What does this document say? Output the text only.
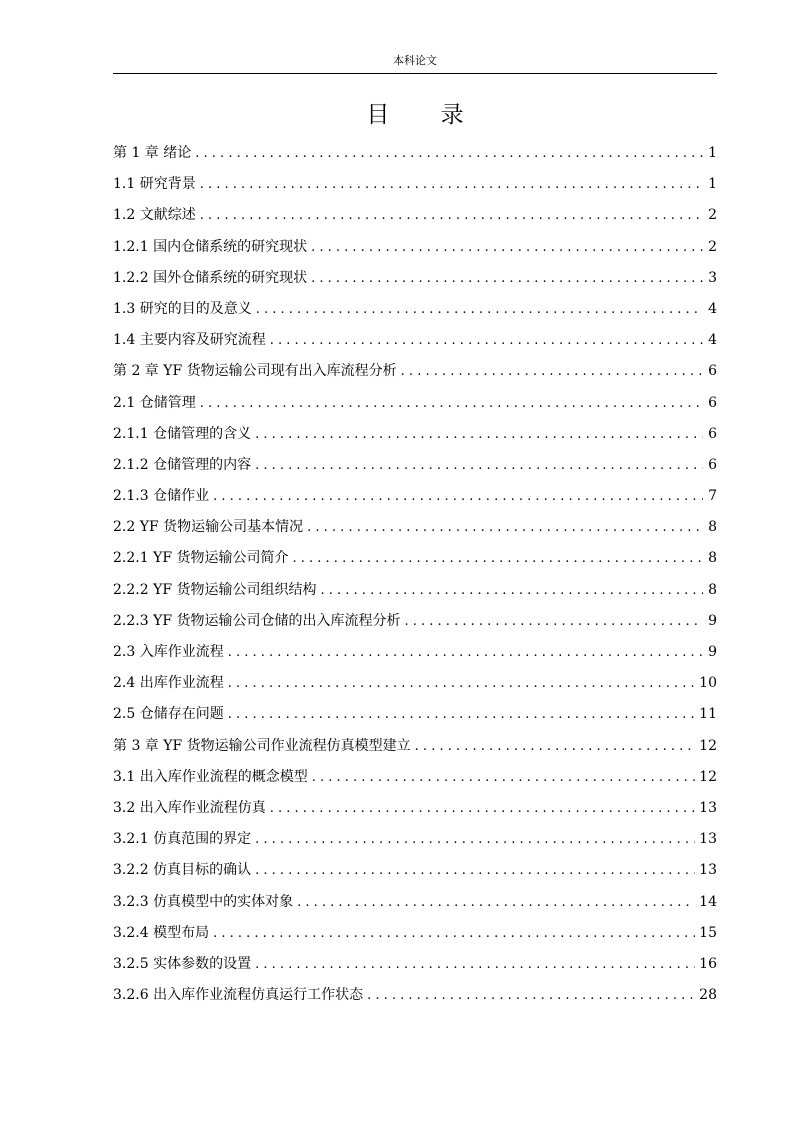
本科论文
目 录
第 1 章 绪论 . . .	1
1.1 研究背景 . . .	1
1.2 文献综述 . . .	2
1.2.1 国内仓储系统的研究现状 . . .	2
1.2.2 国外仓储系统的研究现状 . . .	3
1.3 研究的目的及意义 . . .	4
1.4 主要内容及研究流程 . . .	4
第 2 章 YF 货物运输公司现有出入库流程分析 . . .	6
2.1 仓储管理 . . .	6
2.1.1 仓储管理的含义 . . .	6
2.1.2 仓储管理的内容 . . .	6
2.1.3 仓储作业 . . .	7
2.2 YF 货物运输公司基本情况 . . .	8
2.2.1 YF 货物运输公司简介 . . .	8
2.2.2 YF 货物运输公司组织结构 . . .	8
2.2.3 YF 货物运输公司仓储的出入库流程分析 . . .	9
2.3 入库作业流程 . . .	9
2.4 出库作业流程 . . .	10
2.5 仓储存在问题 . . .	11
第 3 章 YF 货物运输公司作业流程仿真模型建立 . . .	12
3.1 出入库作业流程的概念模型 . . .	12
3.2 出入库作业流程仿真 . . .	13
3.2.1 仿真范围的界定 . . .	13
3.2.2 仿真目标的确认 . . .	13
3.2.3 仿真模型中的实体对象 . . .	14
3.2.4 模型布局 . . .	15
3.2.5 实体参数的设置 . . .	16
3.2.6 出入库作业流程仿真运行工作状态 . . .	28
